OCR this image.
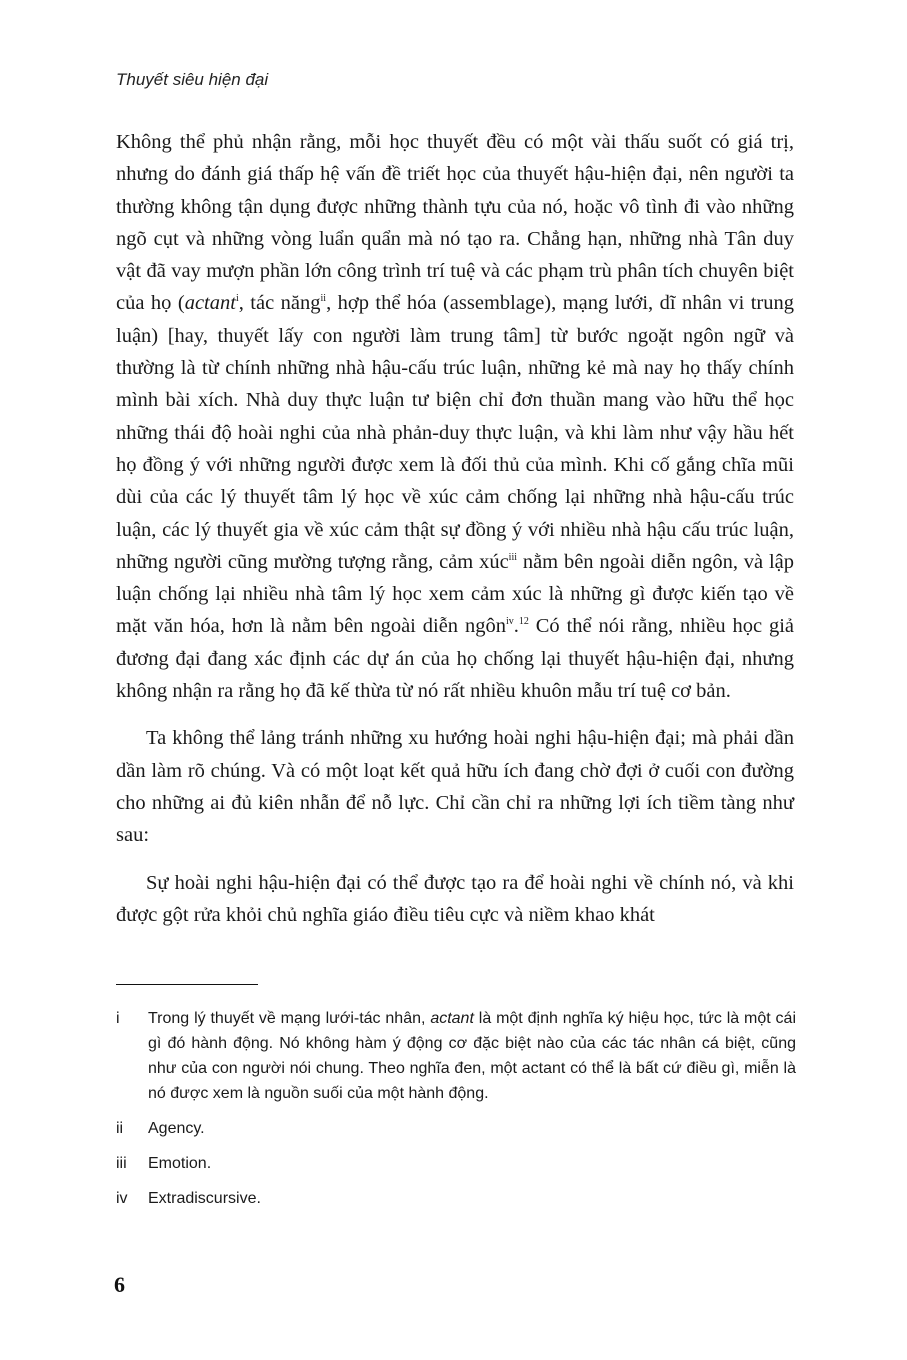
Thuyết siêu hiện đại

Không thể phủ nhận rằng, mỗi học thuyết đều có một vài thấu suốt có giá trị, nhưng do đánh giá thấp hệ vấn đề triết học của thuyết hậu-hiện đại, nên người ta thường không tận dụng được những thành tựu của nó, hoặc vô tình đi vào những ngõ cụt và những vòng luẩn quẩn mà nó tạo ra. Chẳng hạn, những nhà Tân duy vật đã vay mượn phần lớn công trình trí tuệ và các phạm trù phân tích chuyên biệt của họ (actant$^i$, tác năng$^{ii}$, hợp thể hóa (assemblage), mạng lưới, dĩ nhân vi trung luận) [hay, thuyết lấy con người làm trung tâm] từ bước ngoặt ngôn ngữ và thường là từ chính những nhà hậu-cấu trúc luận, những kẻ mà nay họ thấy chính mình bài xích. Nhà duy thực luận tư biện chỉ đơn thuần mang vào hữu thể học những thái độ hoài nghi của nhà phản-duy thực luận, và khi làm như vậy hầu hết họ đồng ý với những người được xem là đối thủ của mình. Khi cố gắng chĩa mũi dùi của các lý thuyết tâm lý học về xúc cảm chống lại những nhà hậu-cấu trúc luận, các lý thuyết gia về xúc cảm thật sự đồng ý với nhiều nhà hậu cấu trúc luận, những người cũng mường tượng rằng, cảm xúc$^{iii}$ nằm bên ngoài diễn ngôn, và lập luận chống lại nhiều nhà tâm lý học xem cảm xúc là những gì được kiến tạo về mặt văn hóa, hơn là nằm bên ngoài diễn ngôn$^{iv}$.$^{12}$ Có thể nói rằng, nhiều học giả đương đại đang xác định các dự án của họ chống lại thuyết hậu-hiện đại, nhưng không nhận ra rằng họ đã kế thừa từ nó rất nhiều khuôn mẫu trí tuệ cơ bản.

Ta không thể lảng tránh những xu hướng hoài nghi hậu-hiện đại; mà phải dần dần làm rõ chúng. Và có một loạt kết quả hữu ích đang chờ đợi ở cuối con đường cho những ai đủ kiên nhẫn để nỗ lực. Chỉ cần chỉ ra những lợi ích tiềm tàng như sau:

Sự hoài nghi hậu-hiện đại có thể được tạo ra để hoài nghi về chính nó, và khi được gột rửa khỏi chủ nghĩa giáo điều tiêu cực và niềm khao khát

i	Trong lý thuyết về mạng lưới-tác nhân, actant là một định nghĩa ký hiệu học, tức là một cái gì đó hành động. Nó không hàm ý động cơ đặc biệt nào của các tác nhân cá biệt, cũng như của con người nói chung. Theo nghĩa đen, một actant có thể là bất cứ điều gì, miễn là nó được xem là nguồn suối của một hành động.
ii	Agency.
iii	Emotion.
iv	Extradiscursive.
6
